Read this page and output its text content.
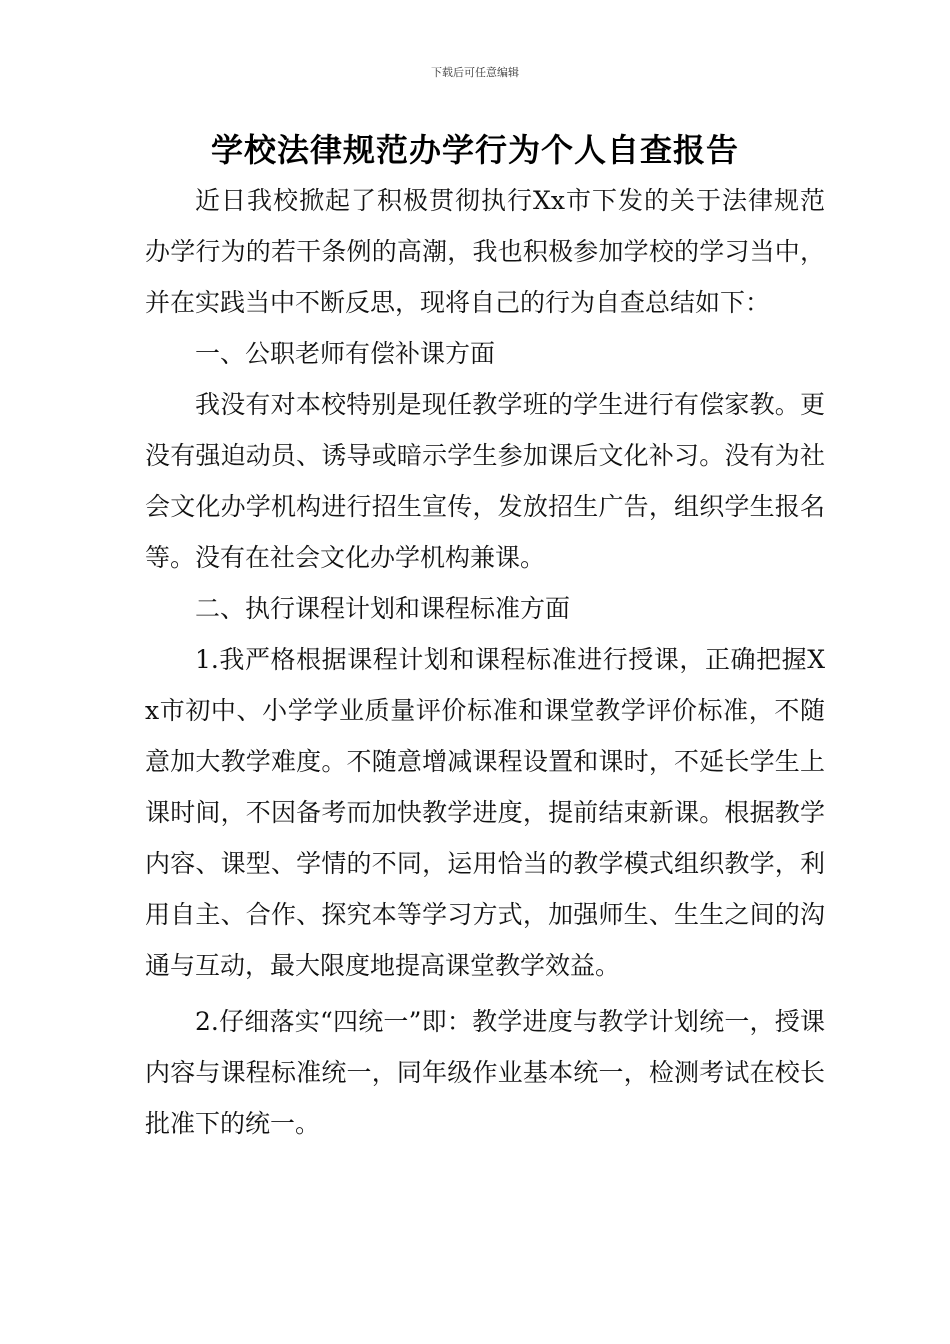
下载后可任意编辑
学校法律规范办学行为个人自查报告

近日我校掀起了积极贯彻执行Xx市下发的关于法律规范办学行为的若干条例的高潮，我也积极参加学校的学习当中，并在实践当中不断反思，现将自己的行为自查总结如下：

一、公职老师有偿补课方面

我没有对本校特别是现任教学班的学生进行有偿家教。更没有强迫动员、诱导或暗示学生参加课后文化补习。没有为社会文化办学机构进行招生宣传，发放招生广告，组织学生报名等。没有在社会文化办学机构兼课。

二、执行课程计划和课程标准方面

1.我严格根据课程计划和课程标准进行授课，正确把握Xx市初中、小学学业质量评价标准和课堂教学评价标准，不随意加大教学难度。不随意增减课程设置和课时，不延长学生上课时间，不因备考而加快教学进度，提前结束新课。根据教学内容、课型、学情的不同，运用恰当的教学模式组织教学，利用自主、合作、探究本等学习方式，加强师生、生生之间的沟通与互动，最大限度地提高课堂教学效益。

2.仔细落实“四统一”即：教学进度与教学计划统一，授课内容与课程标准统一，同年级作业基本统一，检测考试在校长批准下的统一。
